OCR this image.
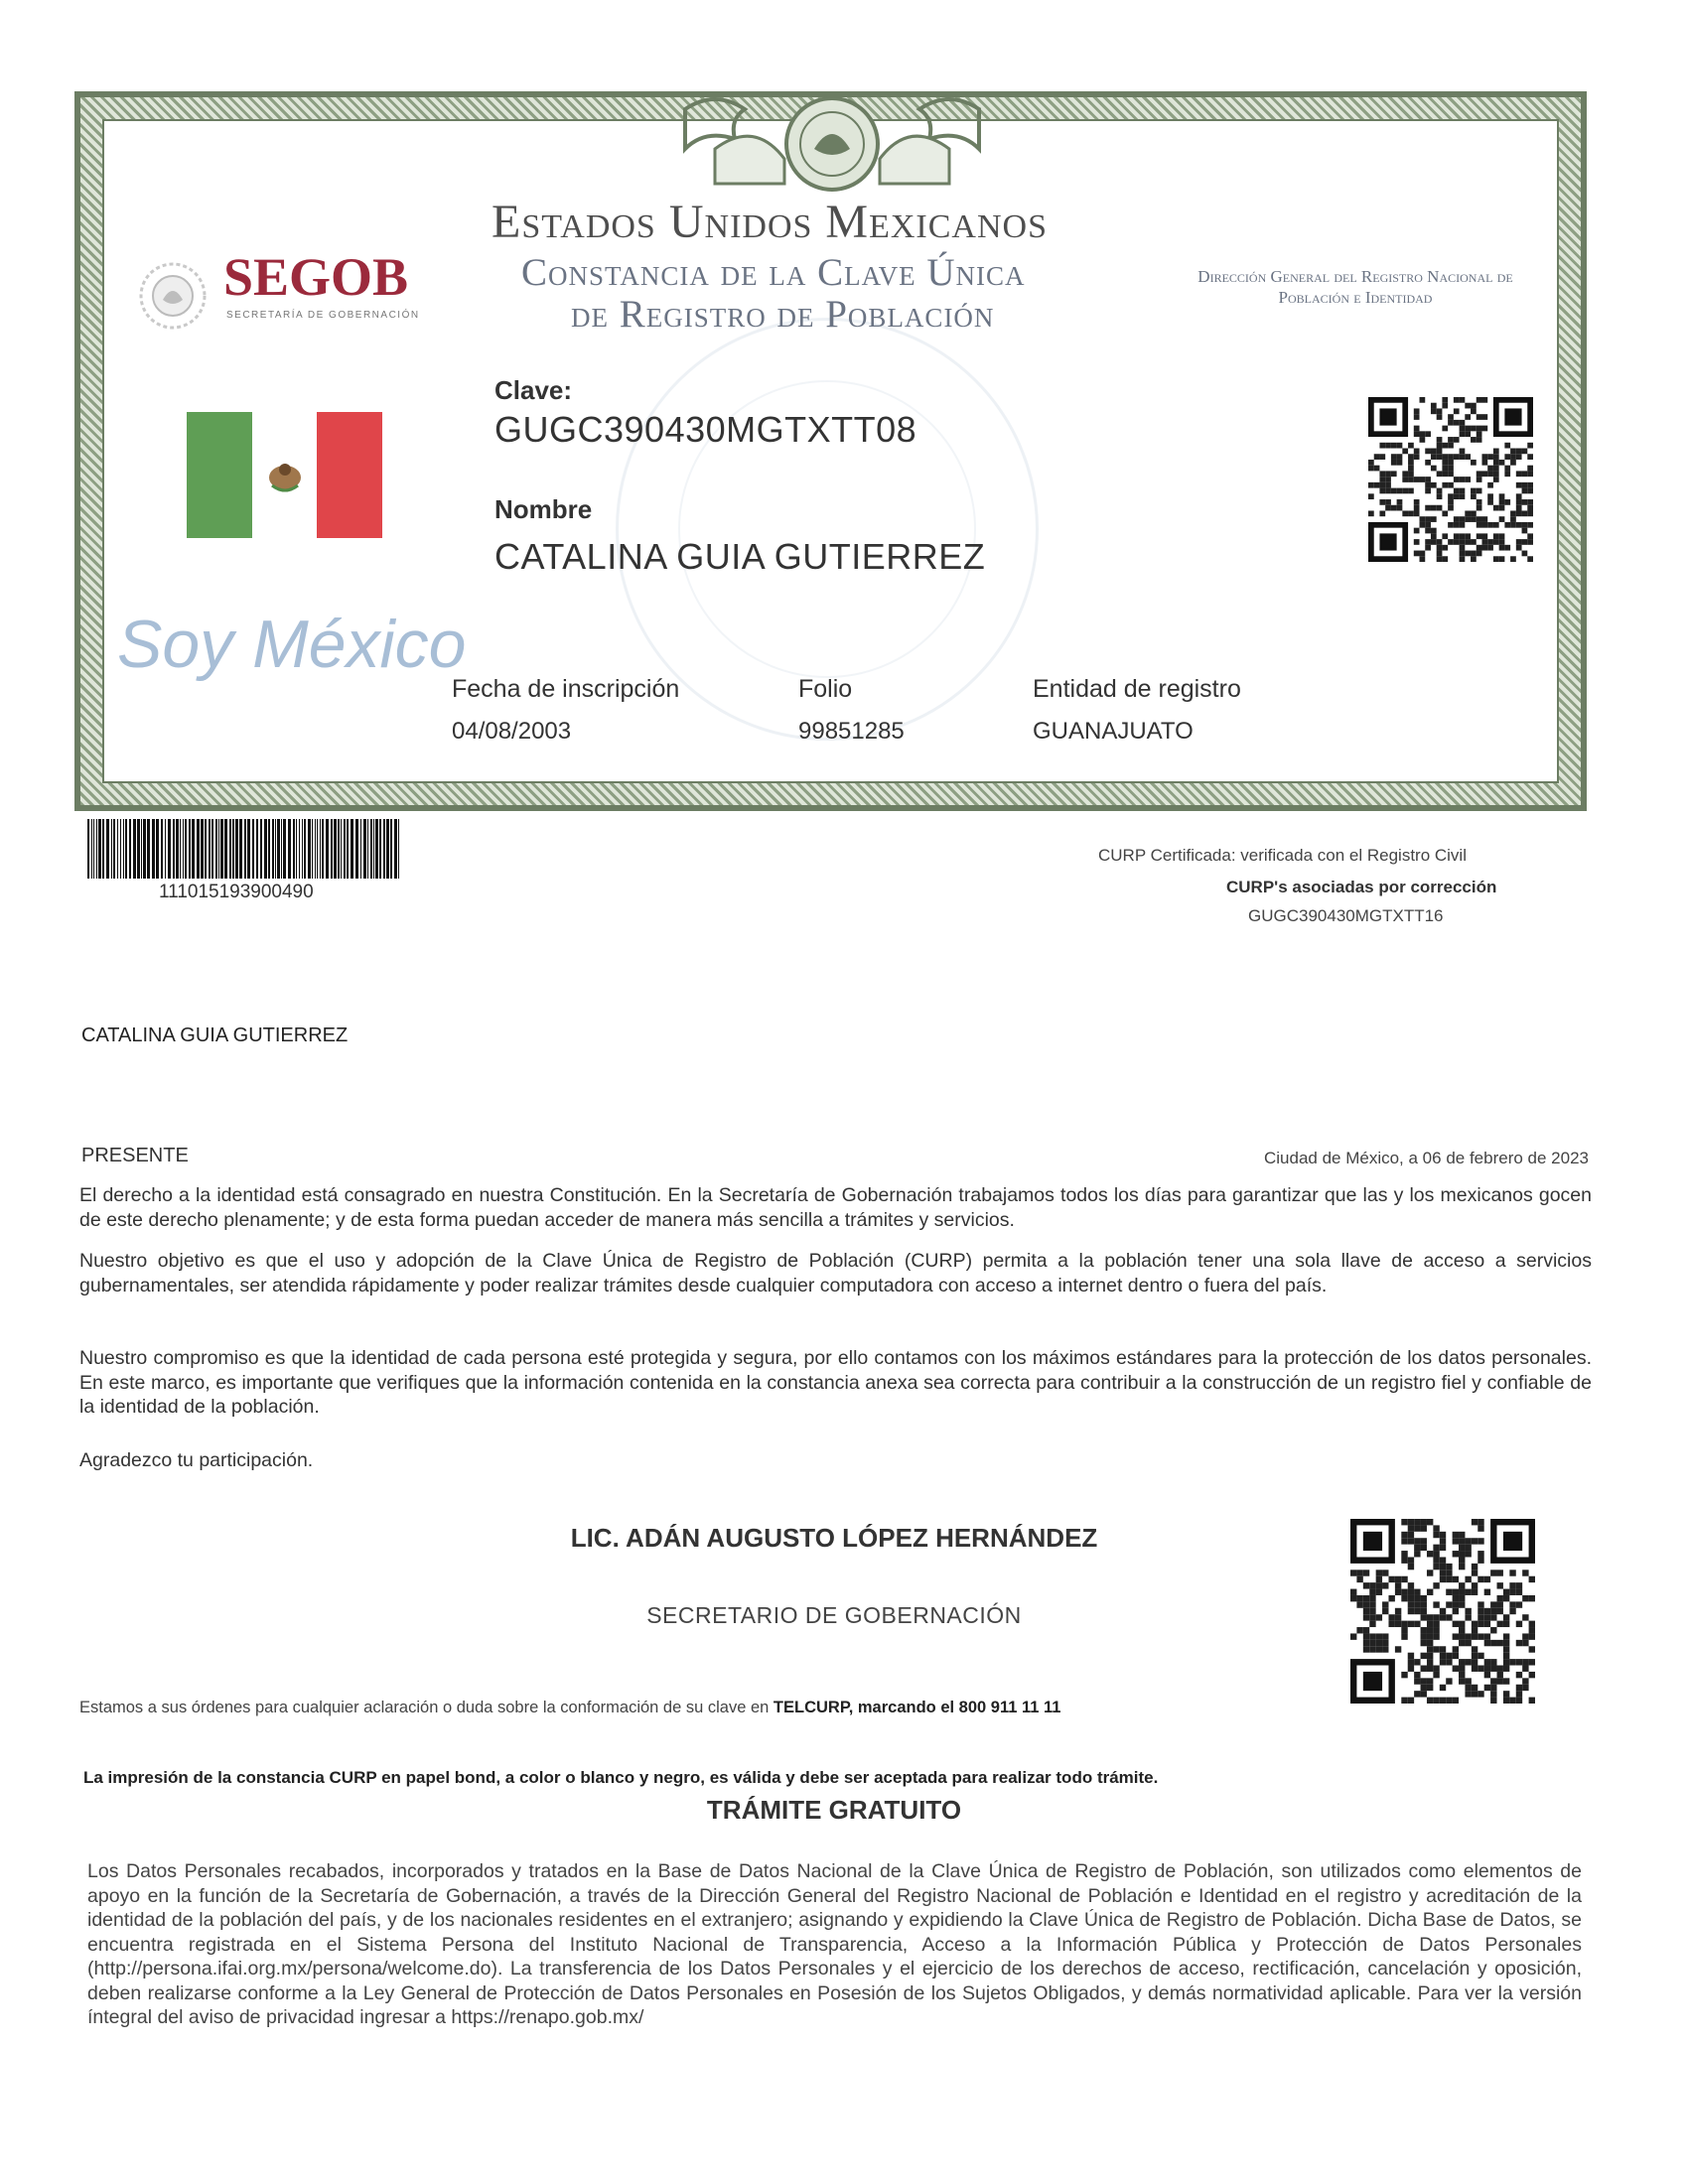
Estados Unidos Mexicanos
Constancia de la Clave Única
de Registro de Población
SEGOB
SECRETARÍA DE GOBERNACIÓN
Dirección General del Registro Nacional de Población e Identidad
Clave:
GUGC390430MGTXTT08
Nombre
CATALINA GUIA GUTIERREZ
Soy México
Fecha de inscripción
04/08/2003
Folio
99851285
Entidad de registro
GUANAJUATO
111015193900490
CURP Certificada: verificada con el Registro Civil
CURP's asociadas por corrección
GUGC390430MGTXTT16
CATALINA GUIA GUTIERREZ
PRESENTE	Ciudad de México, a 06 de febrero de 2023
El derecho a la identidad está consagrado en nuestra Constitución. En la Secretaría de Gobernación trabajamos todos los días para garantizar que las y los mexicanos gocen de este derecho plenamente; y de esta forma puedan acceder de manera más sencilla a trámites y servicios.
Nuestro objetivo es que el uso y adopción de la Clave Única de Registro de Población (CURP) permita a la población tener una sola llave de acceso a servicios gubernamentales, ser atendida rápidamente y poder realizar trámites desde cualquier computadora con acceso a internet dentro o fuera del país.
Nuestro compromiso es que la identidad de cada persona esté protegida y segura, por ello contamos con los máximos estándares para la protección de los datos personales. En este marco, es importante que verifiques que la información contenida en la constancia anexa sea correcta para contribuir a la construcción de un registro fiel y confiable de la identidad de la población.
Agradezco tu participación.
LIC. ADÁN AUGUSTO LÓPEZ HERNÁNDEZ
SECRETARIO DE GOBERNACIÓN
Estamos a sus órdenes para cualquier aclaración o duda sobre la conformación de su clave en TELCURP, marcando el 800 911 11 11
La impresión de la constancia CURP en papel bond, a color o blanco y negro, es válida y debe ser aceptada para realizar todo trámite.
TRÁMITE GRATUITO
Los Datos Personales recabados, incorporados y tratados en la Base de Datos Nacional de la Clave Única de Registro de Población, son utilizados como elementos de apoyo en la función de la Secretaría de Gobernación, a través de la Dirección General del Registro Nacional de Población e Identidad en el registro y acreditación de la identidad de la población del país, y de los nacionales residentes en el extranjero; asignando y expidiendo la Clave Única de Registro de Población. Dicha Base de Datos, se encuentra registrada en el Sistema Persona del Instituto Nacional de Transparencia, Acceso a la Información Pública y Protección de Datos Personales (http://persona.ifai.org.mx/persona/welcome.do). La transferencia de los Datos Personales y el ejercicio de los derechos de acceso, rectificación, cancelación y oposición, deben realizarse conforme a la Ley General de Protección de Datos Personales en Posesión de los Sujetos Obligados, y demás normatividad aplicable. Para ver la versión íntegral del aviso de privacidad ingresar a https://renapo.gob.mx/
